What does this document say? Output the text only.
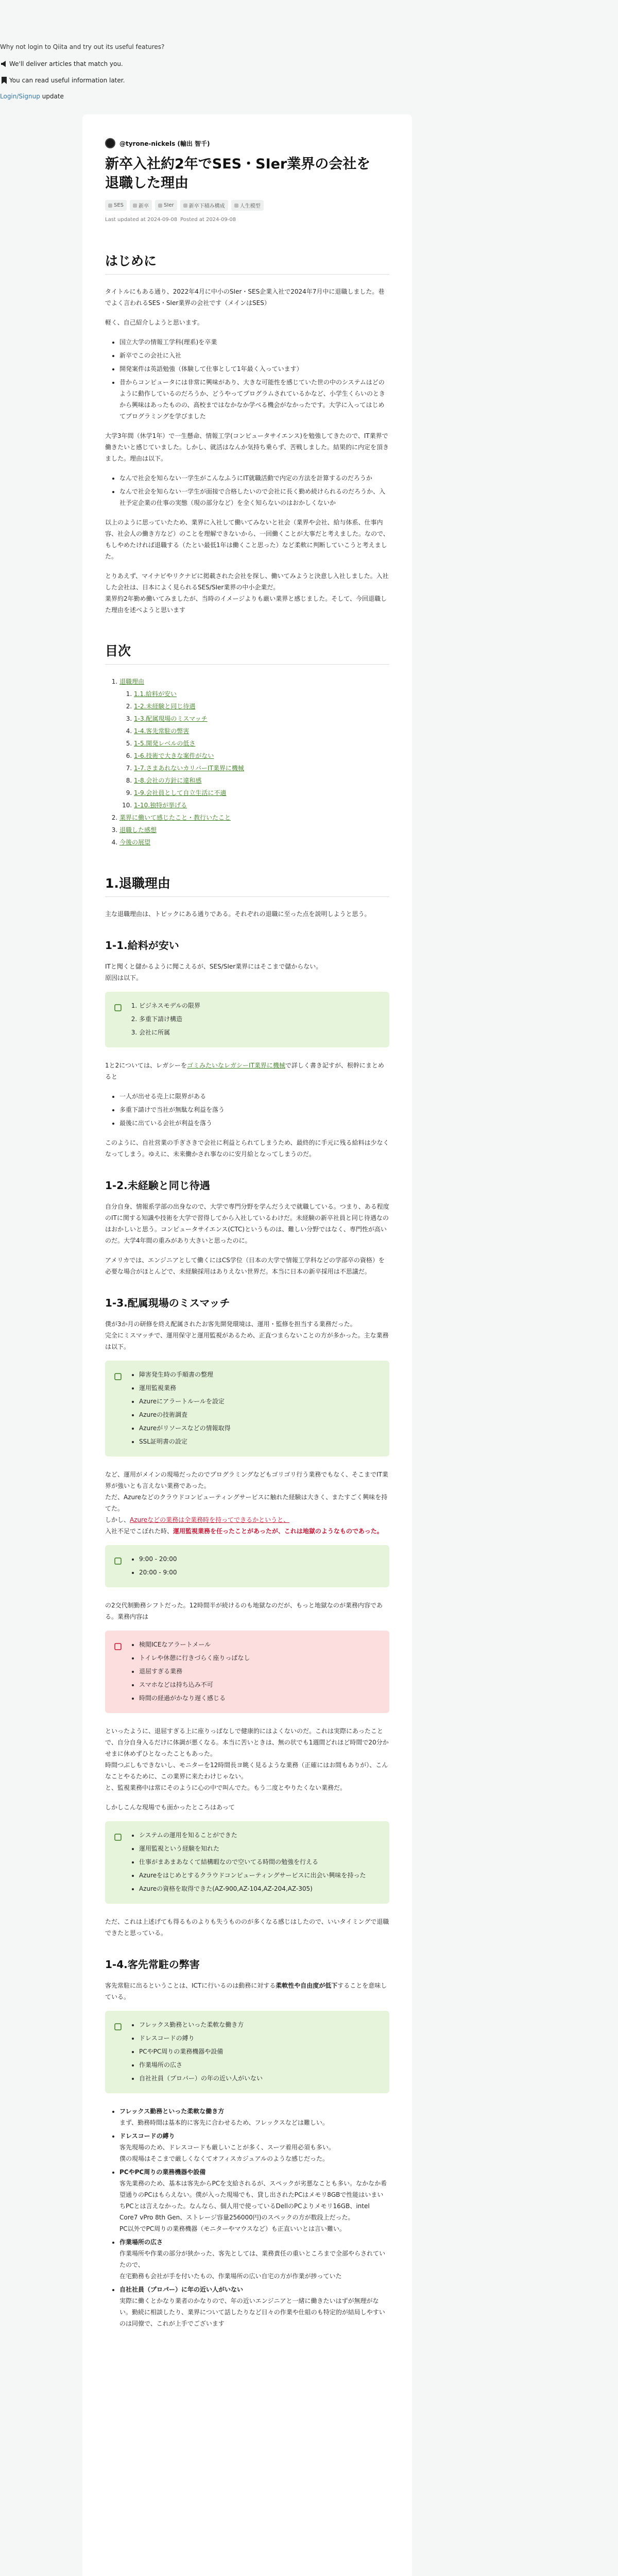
Why not login to Qiita and try out its useful features?
We'll deliver articles that match you.
You can read useful information later.
Login/Signup update
@tyrone-nickels (輸出 智千)
新卒入社約2年でSES・SIer業界の会社を退職した理由
SES	新卒	SIer	新卒下積み構成	人生模型
Last updated at 2024-09-08 Posted at 2024-09-08
はじめに

タイトルにもある通り、2022年4月に中小のSIer・SES企業入社で2024年7月中に退職しました。巷でよく言われるSES・SIer業界の会社です（メインはSES）

軽く、自己紹介しようと思います。

• 国立大学の情報工学科(理系)を卒業
• 新卒でこの会社に入社
• 開発案件は英語勉強（体験して仕事として1年最く入っています）
• 昔からコンピュータには非常に興味があり、大きな可能性を感じていた世の中のシステムはどのように動作しているのだろうか、どうやってプログラムされているかなど、小学生くらいのときから興味はあったものの、高校まではなかなか学べる機会がなかったです。大学に入ってはじめてプログラミングを学びました

大学3年間（休学1年）で一生懸命、情報工学(コンピュータサイエンス)を勉強してきたので、IT業界で働きたいと感じていました。しかし、就活はなんか気持ち乗らず、苦戦しました。結果的に内定を頂きました。理由は以下。

• なんで社会を知らない一学生がこんなふうにIT就職活動で内定の方法を計算するのだろうか
• なんで社会を知らない一学生が面接で合格したいので会社に長く勤め続けられるのだろうか、入社予定企業の仕事の実態（現の部分など）を全く知らないのはおかしくないか

以上のように思っていたため、業界に入社して働いてみないと社会（業界や会社、給与体系、仕事内容、社会人の働き方など）のことを理解できないから、一回働くことが大事だと考えました。なので、もしやめたければ退職する（たとい最低1年は働くこと思った）など柔軟に判断していこうと考えました。

とりあえず、マイナビやリクナビに掲載された会社を探し、働いてみようと決意し入社しました。入社した会社は、日本によく見られるSES/SIer業界の中小企業だ。
業界約2年勤め働いてみましたが、当時のイメージよりも厳い業界と感じました。そして、今回退職した理由を述べようと思います

目次
1. 退職理由
1. 1.1.給料が安い
2. 1-2.未経験と同じ待遇
3. 1-3.配属現場のミスマッチ
4. 1-4.客先常駐の弊害
5. 1-5.開発レベルの低さ
6. 1-6.技術で大きな案件がない
7. 1-7.さまあれないカリバーIT業界に機械
8. 1-8.会社の方針に違和感
9. 1-9.会社員として自立生活に不適
10. 1-10.独特が挙げる
2. 業界に働いて感じたこと・教行いたこと
3. 退職した感想
4. 今後の展望
1.退職理由

主な退職理由は、トピックにある通りである。それぞれの退職に至った点を説明しようと思う。

1-1.給料が安い

ITと聞くと儲かるように聞こえるが、SES/SIer業界にはそこまで儲からない。
原因は以下。

1. ビジネスモデルの限界
2. 多重下請け構造
3. 会社に所属

1と2については、レガシーをゴミみたいなレガシーIT業界に機械で詳しく書き記すが、根幹にまとめると

• 一人が出せる売上に限界がある
• 多重下請けで当社が無駄な利益を落う
• 最後に出ている会社が利益を落う

このように、自社営業の手ぎさきで会社に利益とられてしまうため、最終的に手元に残る給料は少なくなってしまう。ゆえに、未来働かされ事なのに安月給となってしまうのだ。

1-2.未経験と同じ待遇

自分自身、情報系学部の出身なので、大学で専門分野を学んだうえで就職している。つまり、ある程度のITに関する知識や技術を大学で習得してから入社しているわけだ。未経験の新卒社員と同じ待遇なのはおかしいと思う。コンピュータサイエンス(CTC)というものは、難しい分野ではなく、専門性が高いのだ。大学4年間の重みがあり大きいと思ったのに。

アメリカでは、エンジニアとして働くにはCS学位（日本の大学で情報工学科などの学部卒の資格）を必要な場合がほとんどで、未経験採用はありえない世界だ。本当に日本の新卒採用は不思議だ。

1-3.配属現場のミスマッチ

僕が3か月の研修を終え配属されたお客先開発環境は、運用・監修を担当する業務だった。
完全にミスマッチで、運用保守と運用監視があるため、正直つまらないことの方が多かった。主な業務は以下。

• 障害発生時の手順書の整理
• 運用監視業務
• Azureにアラートルールを設定
• Azureの技術調査
• Azureがリソースなどの情報取得
• SSL証明書の設定

など、運用がメインの現場だったのでプログラミングなどもゴリゴリ行う業務でもなく、そこまでIT業界が強いとも言えない業務であった。
ただ、Azureなどのクラウドコンピューティングサービスに触れた経験は大きく、またすごく興味を持てた。
しかし、Azureなどの業務は全業務時を持ってできるかというと、
入社不足でこぼれた時、運用監視業務を任ったことがあったが、これは地獄のようなものであった。

• 9:00 - 20:00
• 20:00 - 9:00

の2交代制勤務シフトだった。12時間半が続けるのも地獄なのだが、もっと地獄なのが業務内容である。業務内容は

• 検閲ICEなアラートメール
• トイレや休憩に行きづらく座りっぱなし
• 退屈すぎる業務
• スマホなどは持ち込み不可
• 時間の経過がかなり遅く感じる

といったように、退屈すぎる上に座りっぱなしで健康的にはよくないのだ。これは実際にあったことで、自分自身入るだけに体調が悪くなる。本当に苦いときは、無の状でも1週間どれほど時間で20分かせまに休めずひとなったこともあった。
時間つぶしもできないし、モニターを12時間長ヨ眺く見るような業務（正確にはお間もありが）、こんなことやるために、この業界に来たわけじゃない。
と、監視業務中は常にそのように心の中で叫んでた。もう二度とやりたくない業務だ。

しかしこんな現場でも面かったところはあって

• システムの運用を知ることができた
• 運用監視という経験を知れた
• 仕事がまあまあなくて結構暇なので空いてる時間の勉強を行える
• Azureをはじめとするクラウドコンピューティングサービスに出会い興味を持った
• Azureの資格を取得できた(AZ-900,AZ-104,AZ-204,AZ-305)

ただ、これは上述げても得るものよりも失うもののが多くなる感じはしたので、いいタイミングで退職できたと思っている。

1-4.客先常駐の弊害

客先常駐に出るということは、ICTに行いるのは動務に対する柔軟性や自由度が低下することを意味している。

• フレックス勤務といった柔軟な働き方
• ドレスコードの縛り
• PCやPC周りの業務機器や設備
• 作業場所の広さ
• 自社社員（プロパー）の年の近い人がいない
• フレックス勤務といった柔軟な働き方
まず、勤務時間は基本的に客先に合わせるため、フレックスなどは難しい。
• ドレスコードの縛り
客先現場のため、ドレスコードも厳しいことが多く、スーツ着用必須も多い。
僕の現場はそこまで厳しくなくてオフィスカジュアルのような感じだった。
• PCやPC周りの業務機器や設備
客先業務のため、基本は客先からPCを支給されるが、スペックが劣悪なことも多い。なかなか希望通りのPCはもらえない。僕が入った現場でも、貸し出されたPCはメモリ8GBで性能はいまいちPCとは言えなかった。なんなら、個人用で使っているDellのPCよりメモリ16GB、intel Core7 vPro 8th Gen、ストレージ容量256000円)のスペックの方が数段上だった。
PC以外でPC周りの業務機器（モニターやマウスなど）も正直いいとは言い難い。
• 作業場所の広さ
作業場所や作業の部分が狭かった、客先としては、業務責任の重いところまで全部やらされていたので、
在宅勤務も会社が手を付いたもの、作業場所の広い自宅の方が作業が捗っていた
• 自社社員（プロパー）に年の近い人がいない
実際に働くとかなり業者のかなりので、年の近いエンジニアと一緒に働きたいはずが無理がない。勤続に相談したり、業界について話したりなど日々の作業や仕組のも特定的が結局しやすいのは同僚で、これが上手でございます
